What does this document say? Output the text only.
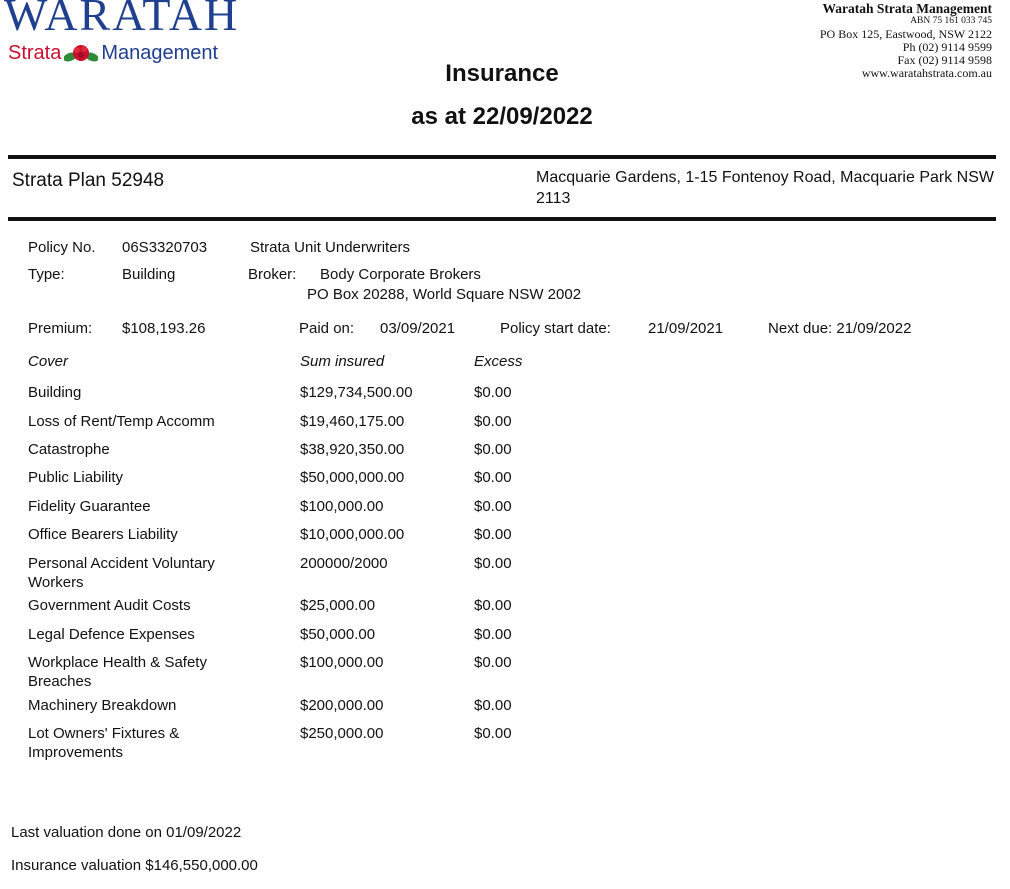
WARATAH
Strata Management
Waratah Strata Management
ABN 75 161 033 745
PO Box 125, Eastwood, NSW 2122
Ph (02) 9114 9599
Fax (02) 9114 9598
www.waratahstrata.com.au
Insurance
as at 22/09/2022
Strata Plan 52948	Macquarie Gardens, 1-15 Fontenoy Road, Macquarie Park NSW 2113
Policy No. 06S3320703	Strata Unit Underwriters
Type:	Building	Broker: Body Corporate Brokers
PO Box 20288, World Square NSW 2002
Premium: $108,193.26	Paid on: 03/09/2021	Policy start date: 21/09/2021	Next due: 21/09/2022
Cover	Sum insured	Excess
Building	$129,734,500.00	$0.00
Loss of Rent/Temp Accomm	$19,460,175.00	$0.00
Catastrophe	$38,920,350.00	$0.00
Public Liability	$50,000,000.00	$0.00
Fidelity Guarantee	$100,000.00	$0.00
Office Bearers Liability	$10,000,000.00	$0.00
Personal Accident Voluntary Workers
200000/2000	$0.00
Government Audit Costs	$25,000.00	$0.00
Legal Defence Expenses	$50,000.00	$0.00
Workplace Health & Safety Breaches
$100,000.00	$0.00
Machinery Breakdown	$200,000.00	$0.00
Lot Owners' Fixtures & Improvements
$250,000.00	$0.00
Last valuation done on 01/09/2022
Insurance valuation $146,550,000.00
